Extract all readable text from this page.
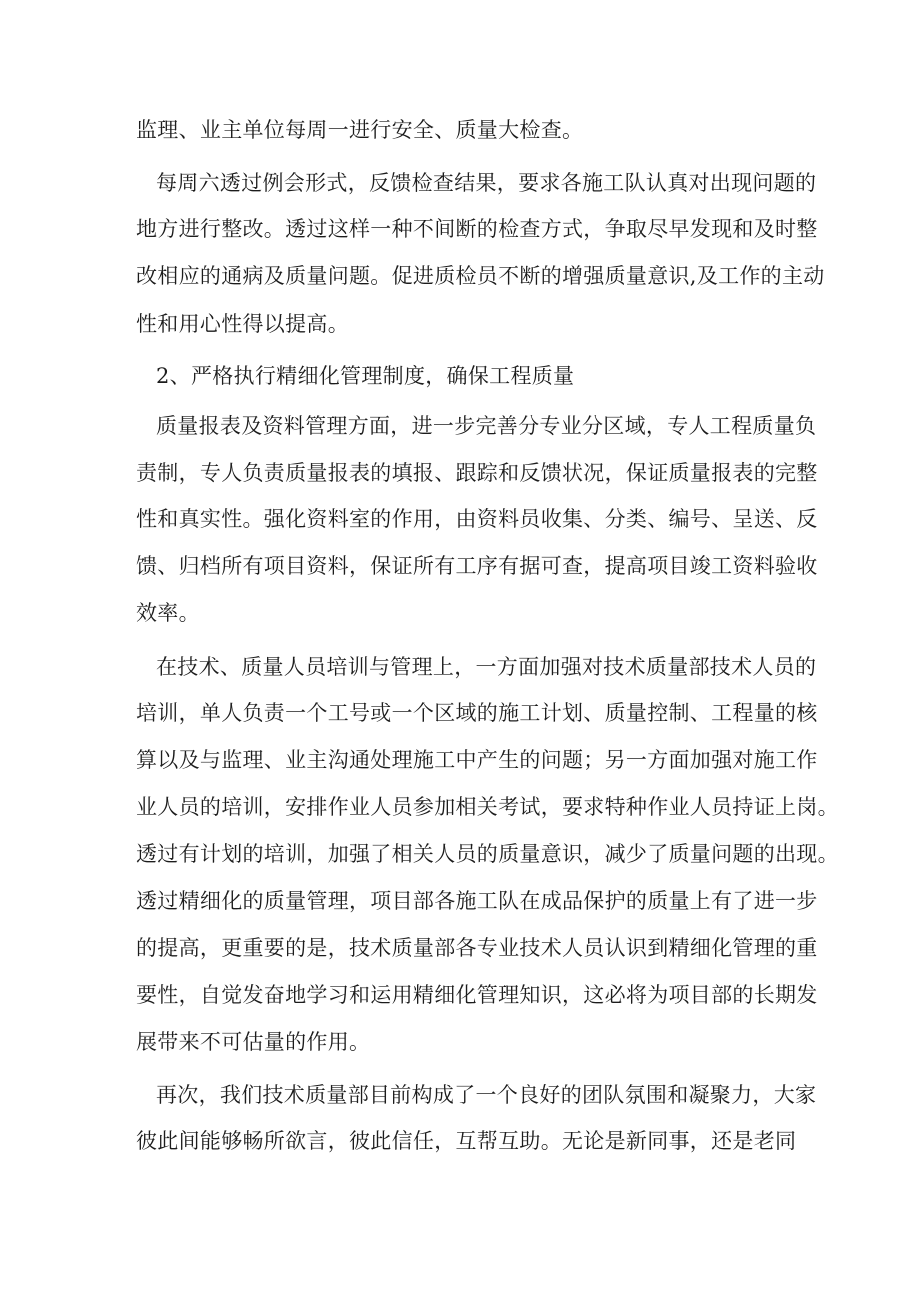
监理、业主单位每周一进行安全、质量大检查。

每周六透过例会形式，反馈检查结果，要求各施工队认真对出现问题的

地方进行整改。透过这样一种不间断的检查方式，争取尽早发现和及时整

改相应的通病及质量问题。促进质检员不断的增强质量意识,及工作的主动

性和用心性得以提高。

2、严格执行精细化管理制度，确保工程质量

质量报表及资料管理方面，进一步完善分专业分区域，专人工程质量负

责制，专人负责质量报表的填报、跟踪和反馈状况，保证质量报表的完整

性和真实性。强化资料室的作用，由资料员收集、分类、编号、呈送、反

馈、归档所有项目资料，保证所有工序有据可查，提高项目竣工资料验收

效率。

在技术、质量人员培训与管理上，一方面加强对技术质量部技术人员的

培训，单人负责一个工号或一个区域的施工计划、质量控制、工程量的核

算以及与监理、业主沟通处理施工中产生的问题；另一方面加强对施工作

业人员的培训，安排作业人员参加相关考试，要求特种作业人员持证上岗。

透过有计划的培训，加强了相关人员的质量意识，减少了质量问题的出现。

透过精细化的质量管理，项目部各施工队在成品保护的质量上有了进一步

的提高，更重要的是，技术质量部各专业技术人员认识到精细化管理的重

要性，自觉发奋地学习和运用精细化管理知识，这必将为项目部的长期发

展带来不可估量的作用。

再次，我们技术质量部目前构成了一个良好的团队氛围和凝聚力，大家

彼此间能够畅所欲言，彼此信任，互帮互助。无论是新同事，还是老同
